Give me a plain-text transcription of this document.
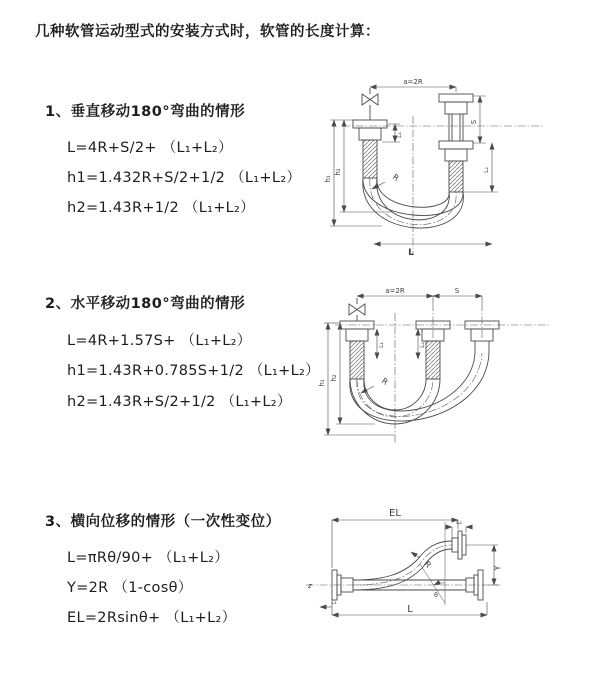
几种软管运动型式的安装方式时，软管的长度计算：
1、垂直移动180°弯曲的情形
L=4R+S/2+ （L₁+L₂）
h1=1.432R+S/2+1/2 （L₁+L₂）
h2=1.43R+1/2 （L₁+L₂）
2、水平移动180°弯曲的情形
L=4R+1.57S+ （L₁+L₂）
h1=1.43R+0.785S+1/2 （L₁+L₂）
h2=1.43R+S/2+1/2 （L₁+L₂）
3、横向位移的情形（一次性变位）
L=πRθ/90+ （L₁+L₂）
Y=2R （1-cosθ）
EL=2Rsinθ+ （L₁+L₂）
a=2R
S
L₂
L₁
h₁
h₂
R
L
a=2R	S
h₁
h₂
L₁	L₂
R
EL
L₂
Y
R
θ
L
L₁
z
